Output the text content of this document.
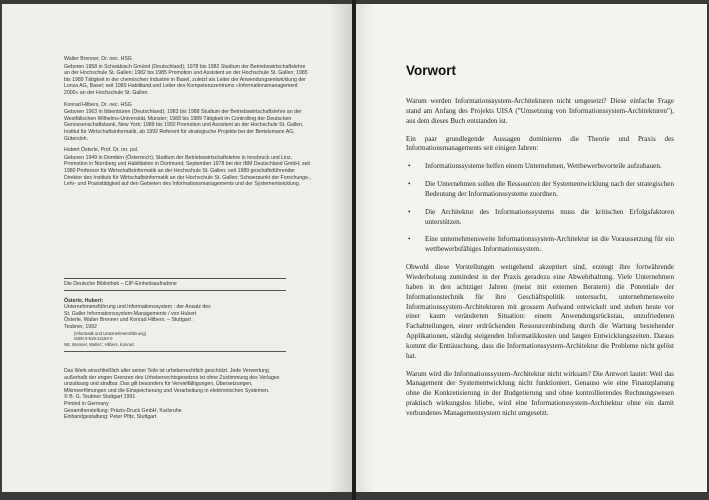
Walter Brenner, Dr. oec. HSG

Geboren 1958 in Schwäbisch Gmünd (Deutschland); 1978 bis 1982 Studium der Betriebswirtschaftslehre an der Hochschule St. Gallen; 1982 bis 1985 Promotion und Assistent an der Hochschule St. Gallen; 1985 bis 1989 Tätigkeit in der chemischen Industrie in Basel, zuletzt als Leiter der Anwendungsentwicklung der Lonza AG, Basel; seit 1989 Habilitand und Leiter des Kompetenzzentrums »Informationsmanagement 2000« an der Hochschule St. Gallen.

Konrad Hilbers, Dr. oec. HSG

Geboren 1963 in Ibbenbüren (Deutschland); 1983 bis 1988 Studium der Betriebswirtschaftslehre an der Westfälischen Wilhelms-Universität, Münster; 1988 bis 1989 Tätigkeit im Controlling der Deutschen Genossenschaftsbank, New York; 1989 bis 1992 Promotion und Assistent an der Hochschule St. Gallen, Institut für Wirtschaftsinformatik, ab 1992 Referent für strategische Projekte bei der Bertelsmann AG, Gütersloh.

Hubert Österle, Prof. Dr. rer. pol.

Geboren 1949 in Dornbirn (Österreich); Studium der Betriebswirtschaftslehre in Innsbruck und Linz, Promotion in Nürnberg und Habilitation in Dortmund; September 1978 bei der IBM Deutschland GmbH; seit 1980 Professor für Wirtschaftsinformatik an der Hochschule St. Gallen; seit 1989 geschäftsführender Direktor des Instituts für Wirtschaftsinformatik an der Hochschule St. Gallen; Schwerpunkt der Forschungs-, Lehr- und Praxistätigkeit auf den Gebieten des Informationsmanagements und der Systementwicklung.

Die Deutsche Bibliothek – CIP-Einheitsaufnahme
Österle, Hubert:
Unternehmensführung und Informationssystem : der Ansatz des
St. Galler Informationssystem-Managements / von Hubert
Österle, Walter Brenner und Konrad Hilbers. – Stuttgart :
Teubner, 1992
(Informatik und Unternehmensführung)
ISBN 3-519-12184-0
NE: Brenner, Walter:; Hilbers, Konrad:

Das Werk einschließlich aller seiner Teile ist urheberrechtlich geschützt. Jede Verwertung außerhalb der engen Grenzen des Urheberrechtsgesetzes ist ohne Zustimmung des Verlages unzulässig und strafbar. Das gilt besonders für Vervielfältigungen, Übersetzungen, Mikroverfilmungen und die Einspeicherung und Verarbeitung in elektronischen Systemen.

© B. G. Teubner Stuttgart 1991

Printed in Germany

Gesamtherstellung: Präzis-Druck GmbH, Karlsruhe

Einbandgestaltung: Peter Pfitz, Stuttgart

Vorwort

Warum werden Informationssystem-Architekturen nicht umgesetzt? Diese einfache Frage stand am Anfang des Projekts UISA ("Umsetzung von Informationssystem-Architekturen"), aus dem dieses Buch entstanden ist.

Ein paar grundlegende Aussagen dominieren die Theorie und Praxis des Informationsmanagements seit einigen Jahren:

• Informationssysteme helfen einem Unternehmen, Wettbewerbsvorteile aufzubauen.
• Die Unternehmen sollen die Ressourcen der Systementwicklung nach der strategischen Bedeutung der Informationssysteme zuordnen.
• Die Architektur des Informationssystems muss die kritischen Erfolgsfaktoren unterstützen.
• Eine unternehmensweite Informationssystem-Architektur ist die Voraussetzung für ein wettbewerbsfähiges Informationssystem.

Obwohl diese Vorstellungen weitgehend akzeptiert sind, erzeugt ihre fortwährende Wiederholung zumindest in der Praxis geradezu eine Abwehrhaltung. Viele Unternehmen haben in den achtziger Jahren (meist mit externen Beratern) die Potentiale der Informationstechnik für ihre Geschäftspolitik untersucht, unternehmensweite Informationssystem-Architekturen mit grossem Aufwand entwickelt und stehen heute vor einer kaum veränderten Situation: einem Anwendungsrückstau, unzufriedenen Fachabteilungen, einer erdrückenden Ressourcenbindung durch die Wartung bestehender Applikationen, ständig steigenden Informatikkosten und langen Entwicklungszeiten. Daraus kommt die Enttäuschung, dass die Informationssystem-Architektur die Probleme nicht gelöst hat.

Warum wird die Informationssystem-Architektur nicht wirksam? Die Antwort lautet: Weil das Management der Systementwicklung nicht funktioniert. Genauso wie eine Finanzplanung ohne die Konkretisierung in der Budgetierung und ohne kontrollierendes Rechnungswesen praktisch wirkungslos bliebe, wird eine Informationssystem-Architektur ohne ein damit verbundenes Managementsystem nicht umgesetzt.
